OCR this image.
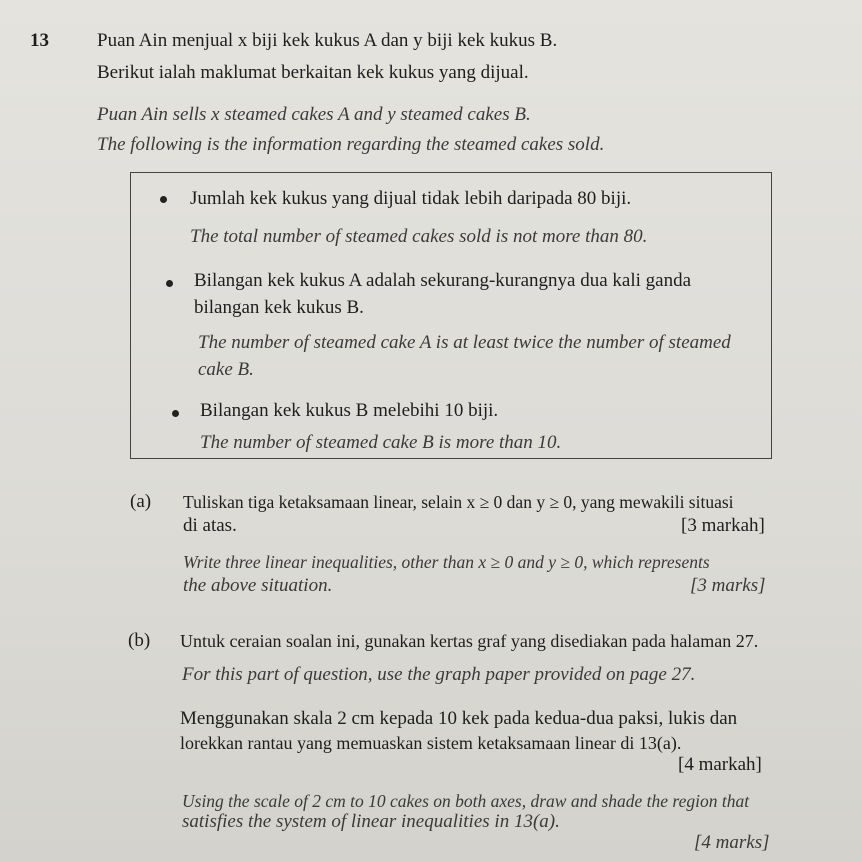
13	Puan Ain menjual x biji kek kukus A dan y biji kek kukus B.
Berikut ialah maklumat berkaitan kek kukus yang dijual.
Puan Ain sells x steamed cakes A and y steamed cakes B.
The following is the information regarding the steamed cakes sold.
Jumlah kek kukus yang dijual tidak lebih daripada 80 biji.
The total number of steamed cakes sold is not more than 80.
Bilangan kek kukus A adalah sekurang-kurangnya dua kali ganda
bilangan kek kukus B.
The number of steamed cake A is at least twice the number of steamed
cake B.
Bilangan kek kukus B melebihi 10 biji.
The number of steamed cake B is more than 10.
(a) Tuliskan tiga ketaksamaan linear, selain x ≥ 0 dan y ≥ 0, yang mewakili situasi
di atas.	[3 markah]
Write three linear inequalities, other than x ≥ 0 and y ≥ 0, which represents
the above situation.	[3 marks]
(b) Untuk ceraian soalan ini, gunakan kertas graf yang disediakan pada halaman 27.
For this part of question, use the graph paper provided on page 27.
Menggunakan skala 2 cm kepada 10 kek pada kedua-dua paksi, lukis dan
lorekkan rantau yang memuaskan sistem ketaksamaan linear di 13(a).
[4 markah]
Using the scale of 2 cm to 10 cakes on both axes, draw and shade the region that
satisfies the system of linear inequalities in 13(a).
[4 marks]
